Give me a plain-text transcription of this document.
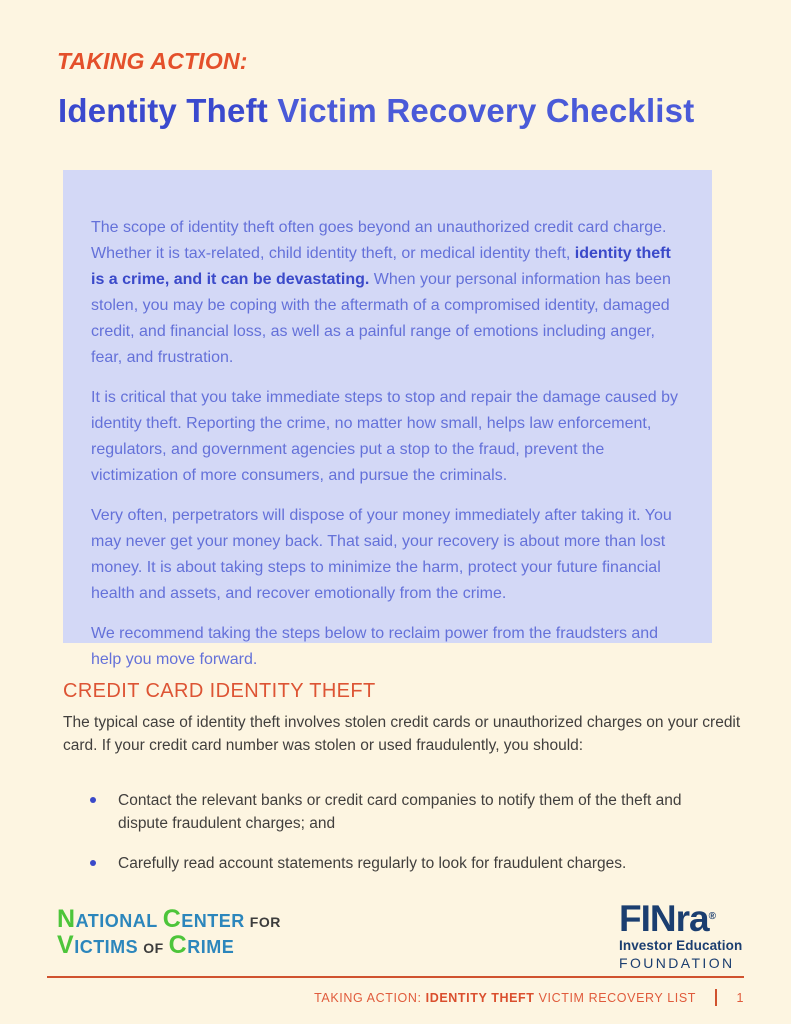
TAKING ACTION:
Identity Theft Victim Recovery Checklist

The scope of identity theft often goes beyond an unauthorized credit card charge. Whether it is tax-related, child identity theft, or medical identity theft, identity theft is a crime, and it can be devastating. When your personal information has been stolen, you may be coping with the aftermath of a compromised identity, damaged credit, and financial loss, as well as a painful range of emotions including anger, fear, and frustration.

It is critical that you take immediate steps to stop and repair the damage caused by identity theft. Reporting the crime, no matter how small, helps law enforcement, regulators, and government agencies put a stop to the fraud, prevent the victimization of more consumers, and pursue the criminals.

Very often, perpetrators will dispose of your money immediately after taking it. You may never get your money back. That said, your recovery is about more than lost money. It is about taking steps to minimize the harm, protect your future financial health and assets, and recover emotionally from the crime.

We recommend taking the steps below to reclaim power from the fraudsters and help you move forward.

CREDIT CARD IDENTITY THEFT
The typical case of identity theft involves stolen credit cards or unauthorized charges on your credit card. If your credit card number was stolen or used fraudulently, you should:
Contact the relevant banks or credit card companies to notify them of the theft and dispute fraudulent charges; and
Carefully read account statements regularly to look for fraudulent charges.
NATIONAL CENTER FOR
VICTIMS OF CRIME
FINra®
Investor Education
FOUNDATION
TAKING ACTION: IDENTITY THEFT VICTIM RECOVERY LIST	1
